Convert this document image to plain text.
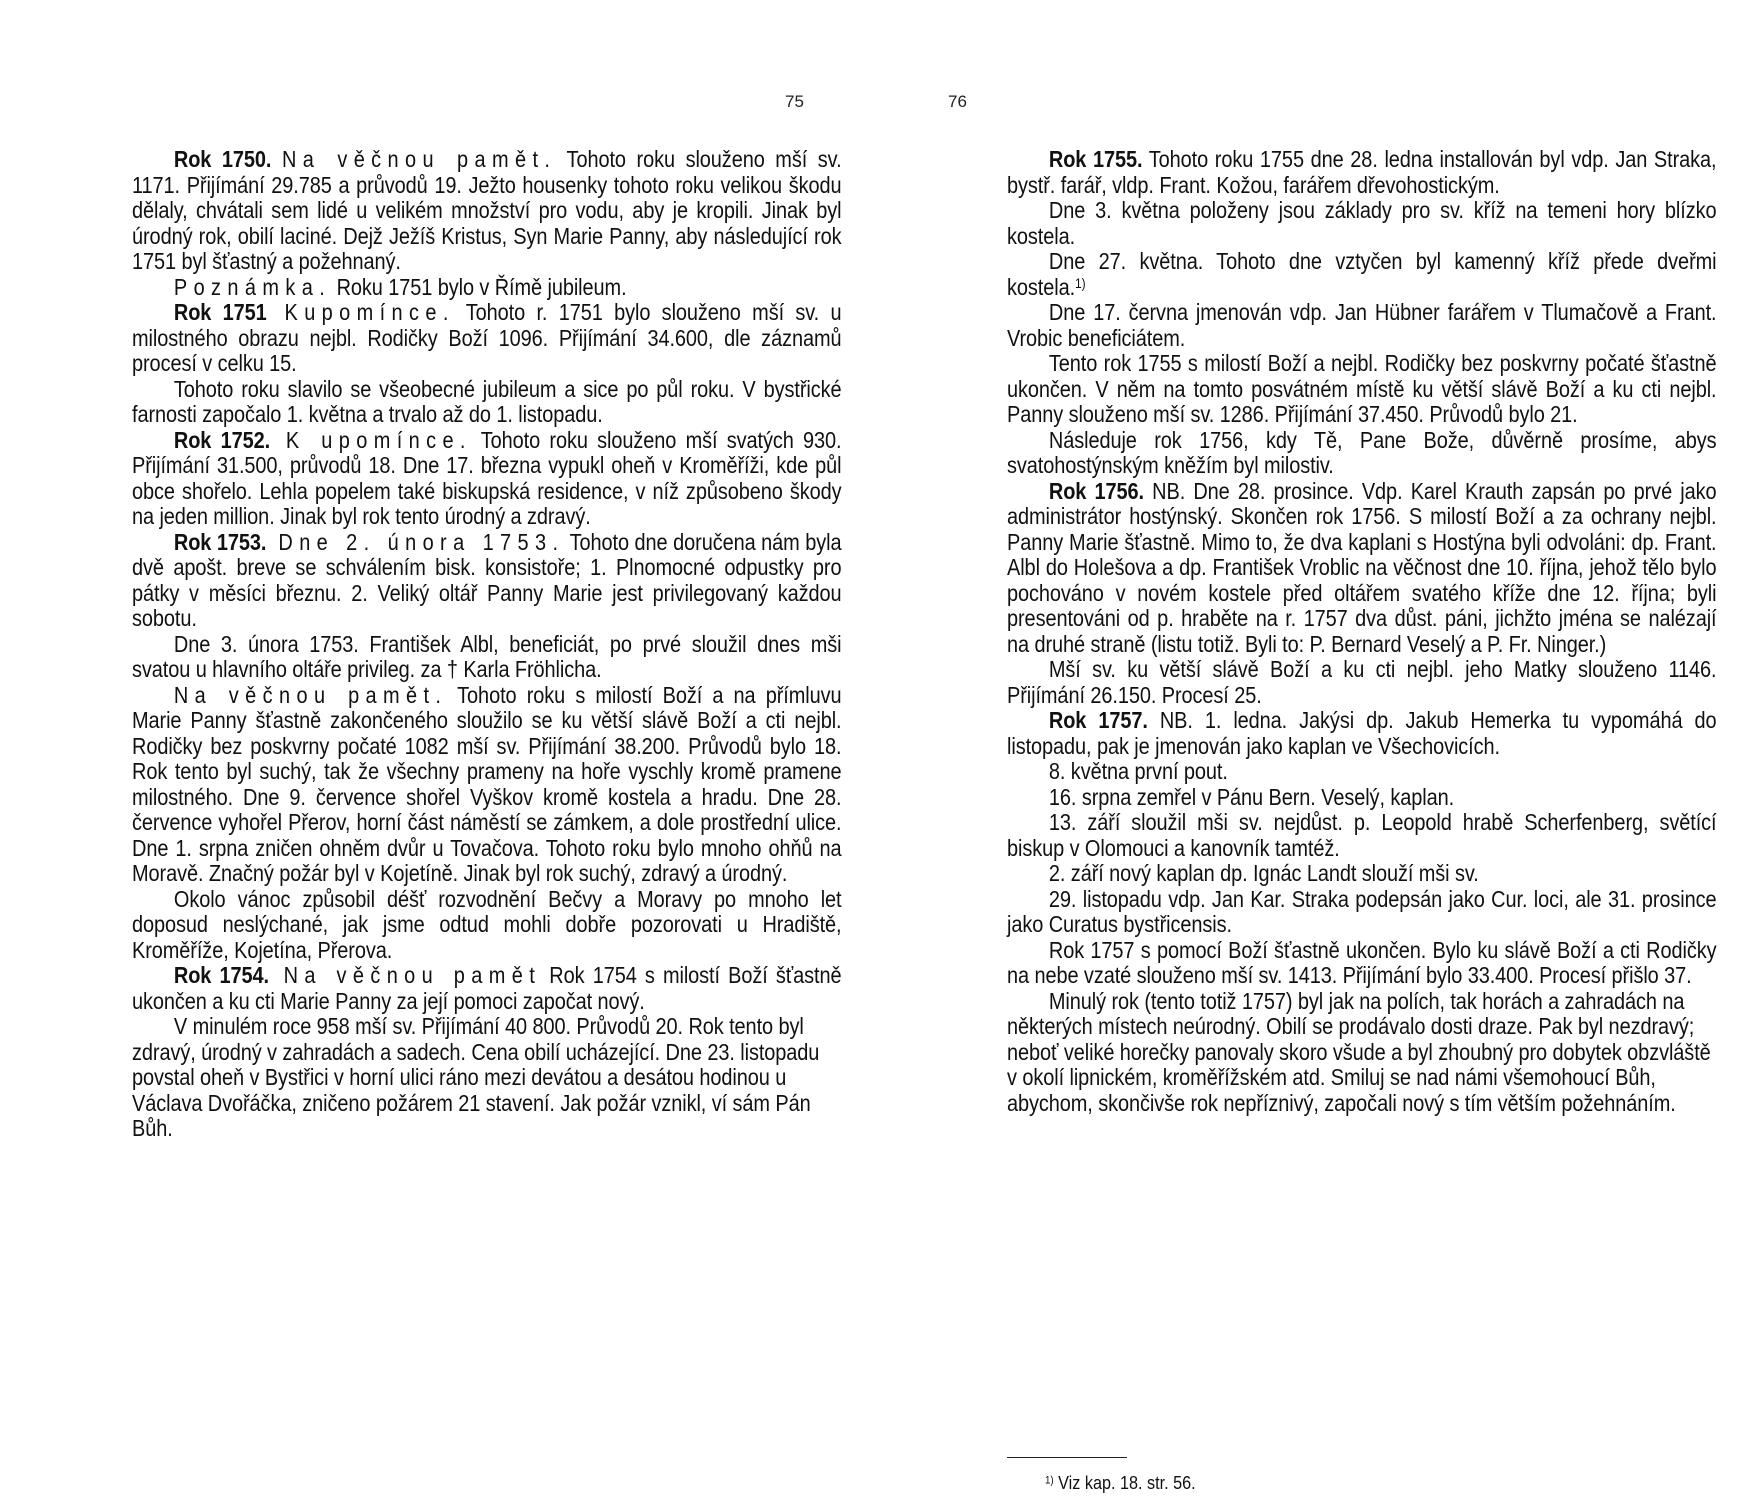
75	76

Rok 1750. Na věčnou pamět. Tohoto roku slouženo mší sv. 1171. Přijímání 29.785 a průvodů 19. Ježto housenky tohoto roku velikou škodu dělaly, chvátali sem lidé u velikém množství pro vodu, aby je kropili. Jinak byl úrodný rok, obilí laciné. Dejž Ježíš Kristus, Syn Marie Panny, aby následující rok 1751 byl šťastný a požehnaný.

Poznámka. Roku 1751 bylo v Římě jubileum.

Rok 1751 Kupomínce. Tohoto r. 1751 bylo slouženo mší sv. u milostného obrazu nejbl. Rodičky Boží 1096. Přijímání 34.600, dle záznamů procesí v celku 15.

Tohoto roku slavilo se všeobecné jubileum a sice po půl roku. V bystřické farnosti započalo 1. května a trvalo až do 1. listopadu.

Rok 1752. K upomínce. Tohoto roku slouženo mší svatých 930. Přijímání 31.500, průvodů 18. Dne 17. března vypukl oheň v Kroměříži, kde půl obce shořelo. Lehla popelem také biskupská residence, v níž způsobeno škody na jeden million. Jinak byl rok tento úrodný a zdravý.

Rok 1753. Dne 2. února 1753. Tohoto dne doručena nám byla dvě apošt. breve se schválením bisk. konsistoře; 1. Plnomocné odpustky pro pátky v měsíci březnu. 2. Veliký oltář Panny Marie jest privilegovaný každou sobotu.

Dne 3. února 1753. František Albl, beneficiát, po prvé sloužil dnes mši svatou u hlavního oltáře privileg. za † Karla Fröhlicha.

Na věčnou pamět. Tohoto roku s milostí Boží a na přímluvu Marie Panny šťastně zakončeného sloužilo se ku větší slávě Boží a cti nejbl. Rodičky bez poskvrny počaté 1082 mší sv. Přijímání 38.200. Průvodů bylo 18. Rok tento byl suchý, tak že všechny prameny na hoře vyschly kromě pramene milostného. Dne 9. července shořel Vyškov kromě kostela a hradu. Dne 28. července vyhořel Přerov, horní část náměstí se zámkem, a dole prostřední ulice. Dne 1. srpna zničen ohněm dvůr u Tovačova. Tohoto roku bylo mnoho ohňů na Moravě. Značný požár byl v Kojetíně. Jinak byl rok suchý, zdravý a úrodný.

Okolo vánoc způsobil déšť rozvodnění Bečvy a Moravy po mnoho let doposud neslýchané, jak jsme odtud mohli dobře pozorovati u Hradiště, Kroměříže, Kojetína, Přerova.

Rok 1754. Na věčnou pamět Rok 1754 s milostí Boží šťastně ukončen a ku cti Marie Panny za její pomoci započat nový.

V minulém roce 958 mší sv. Přijímání 40 800. Průvodů 20. Rok tento byl zdravý, úrodný v zahradách a sadech. Cena obilí ucházející. Dne 23. listopadu povstal oheň v Bystřici v horní ulici ráno mezi devátou a desátou hodinou u Václava Dvořáčka, zničeno požárem 21 stavení. Jak požár vznikl, ví sám Pán Bůh.

Rok 1755. Tohoto roku 1755 dne 28. ledna installován byl vdp. Jan Straka, bystř. farář, vldp. Frant. Kožou, farářem dřevohostickým.

Dne 3. května položeny jsou základy pro sv. kříž na temeni hory blízko kostela.

Dne 27. května. Tohoto dne vztyčen byl kamenný kříž přede dveřmi kostela.$^{1)}$

Dne 17. června jmenován vdp. Jan Hübner farářem v Tlumačově a Frant. Vrobic beneficiátem.

Tento rok 1755 s milostí Boží a nejbl. Rodičky bez poskvrny počaté šťastně ukončen. V něm na tomto posvátném místě ku větší slávě Boží a ku cti nejbl. Panny slouženo mší sv. 1286. Přijímání 37.450. Průvodů bylo 21.

Následuje rok 1756, kdy Tě, Pane Bože, důvěrně prosíme, abys svatohostýnským kněžím byl milostiv.

Rok 1756. NB. Dne 28. prosince. Vdp. Karel Krauth zapsán po prvé jako administrátor hostýnský. Skončen rok 1756. S milostí Boží a za ochrany nejbl. Panny Marie šťastně. Mimo to, že dva kaplani s Hostýna byli odvoláni: dp. Frant. Albl do Holešova a dp. František Vroblic na věčnost dne 10. října, jehož tělo bylo pochováno v novém kostele před oltářem svatého kříže dne 12. října; byli presentováni od p. hraběte na r. 1757 dva důst. páni, jichžto jména se nalézají na druhé straně (listu totiž. Byli to: P. Bernard Veselý a P. Fr. Ninger.)

Mší sv. ku větší slávě Boží a ku cti nejbl. jeho Matky slouženo 1146. Přijímání 26.150. Procesí 25.

Rok 1757. NB. 1. ledna. Jakýsi dp. Jakub Hemerka tu vypomáhá do listopadu, pak je jmenován jako kaplan ve Všechovicích.

8. května první pout.

16. srpna zemřel v Pánu Bern. Veselý, kaplan.

13. září sloužil mši sv. nejdůst. p. Leopold hrabě Scherfenberg, světící biskup v Olomouci a kanovník tamtéž.

2. září nový kaplan dp. Ignác Landt slouží mši sv.

29. listopadu vdp. Jan Kar. Straka podepsán jako Cur. loci, ale 31. prosince jako Curatus bystřicensis.

Rok 1757 s pomocí Boží šťastně ukončen. Bylo ku slávě Boží a cti Rodičky na nebe vzaté slouženo mší sv. 1413. Přijímání bylo 33.400. Procesí přišlo 37.

Minulý rok (tento totiž 1757) byl jak na polích, tak horách a zahradách na některých místech neúrodný. Obilí se prodávalo dosti draze. Pak byl nezdravý; neboť veliké horečky panovaly skoro všude a byl zhoubný pro dobytek obzvláště v okolí lipnickém, kroměřížském atd. Smiluj se nad námi všemohoucí Bůh, abychom, skončivše rok nepříznivý, započali nový s tím větším požehnáním.

$^{1)}$ Viz kap. 18. str. 56.
